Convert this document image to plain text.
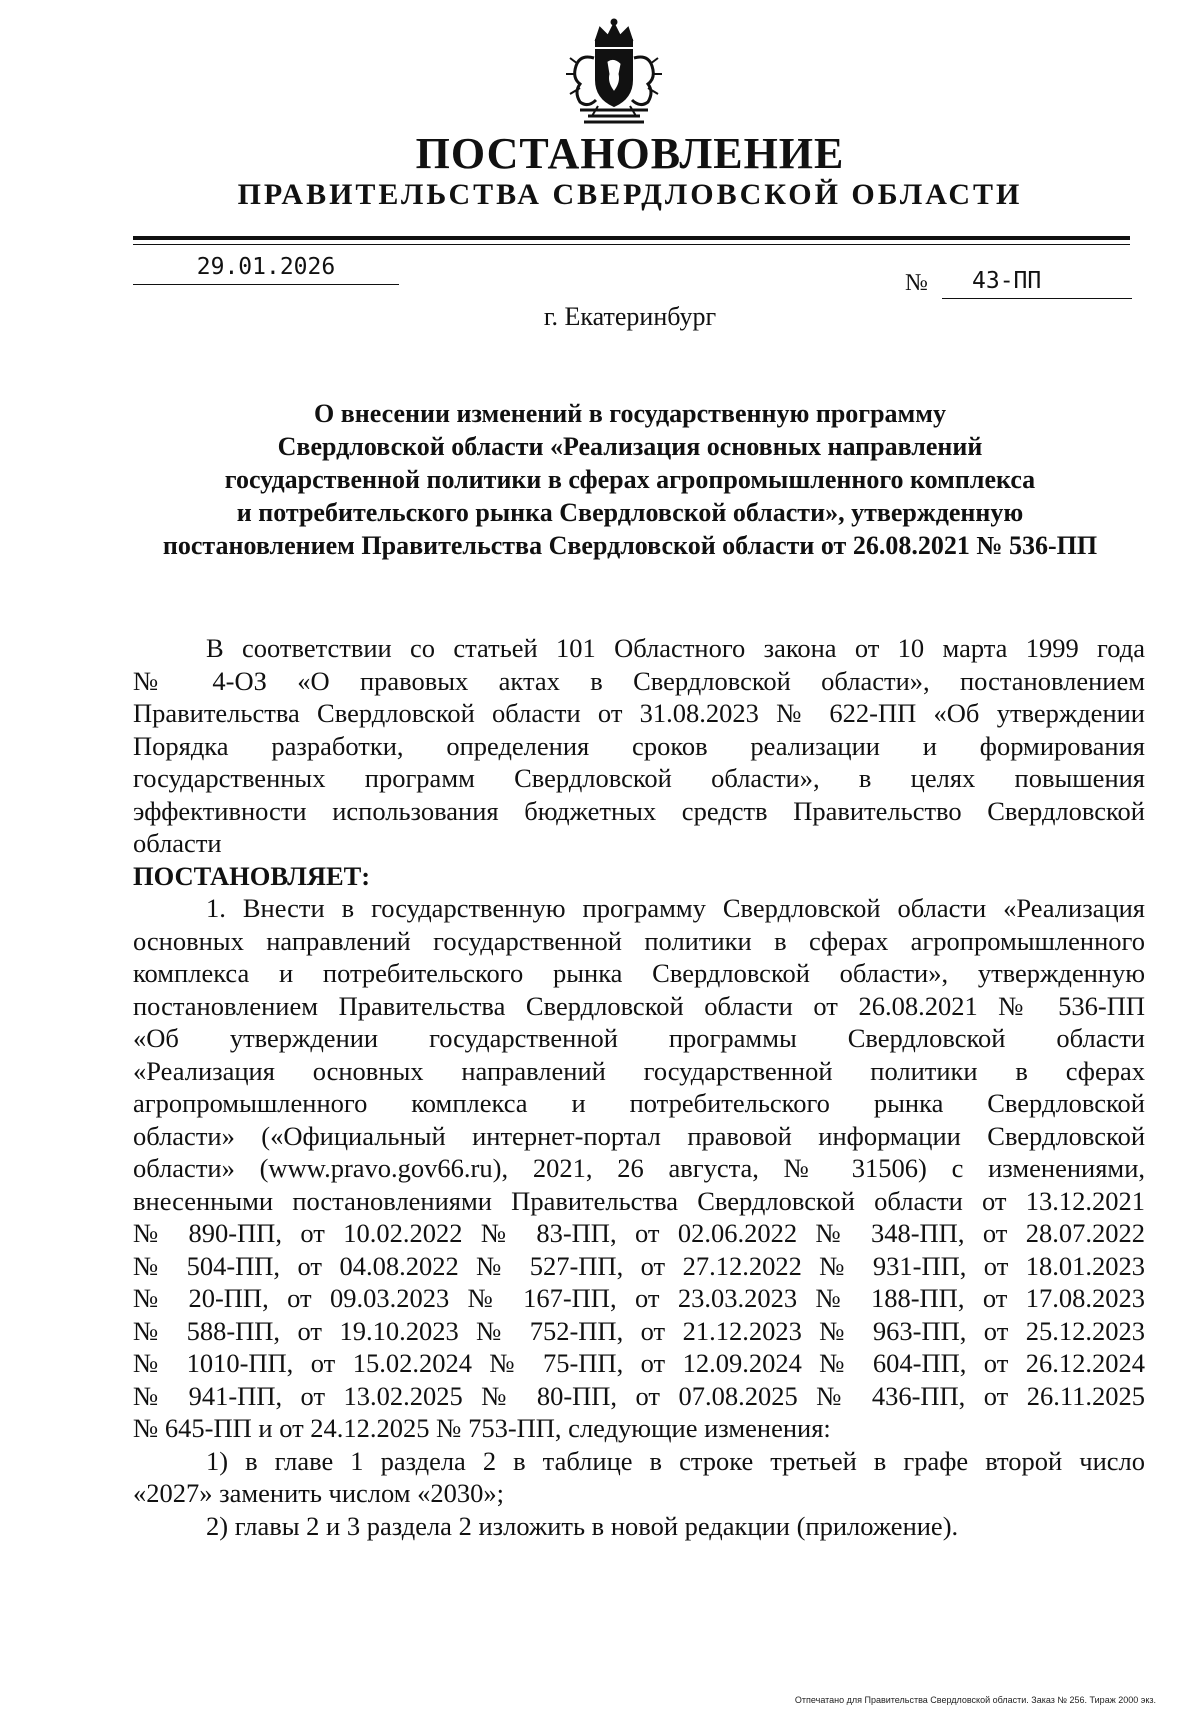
ПОСТАНОВЛЕНИЕ
ПРАВИТЕЛЬСТВА СВЕРДЛОВСКОЙ ОБЛАСТИ
29.01.2026
№	43-ПП
г. Екатеринбург
О внесении изменений в государственную программу
Свердловской области «Реализация основных направлений
государственной политики в сферах агропромышленного комплекса
и потребительского рынка Свердловской области», утвержденную
постановлением Правительства Свердловской области от 26.08.2021 № 536-ПП

В соответствии со статьей 101 Областного закона от 10 марта 1999 года
№ 4-ОЗ «О правовых актах в Свердловской области», постановлением
Правительства Свердловской области от 31.08.2023 № 622-ПП «Об утверждении
Порядка разработки, определения сроков реализации и формирования
государственных программ Свердловской области», в целях повышения
эффективности использования бюджетных средств Правительство Свердловской
области

ПОСТАНОВЛЯЕТ:

1. Внести в государственную программу Свердловской области «Реализация
основных направлений государственной политики в сферах агропромышленного
комплекса и потребительского рынка Свердловской области», утвержденную
постановлением Правительства Свердловской области от 26.08.2021 № 536-ПП
«Об утверждении государственной программы Свердловской области
«Реализация основных направлений государственной политики в сферах
агропромышленного комплекса и потребительского рынка Свердловской
области» («Официальный интернет-портал правовой информации Свердловской
области» (www.pravo.gov66.ru), 2021, 26 августа, № 31506) с изменениями,
внесенными постановлениями Правительства Свердловской области от 13.12.2021
№ 890-ПП, от 10.02.2022 № 83-ПП, от 02.06.2022 № 348-ПП, от 28.07.2022
№ 504-ПП, от 04.08.2022 № 527-ПП, от 27.12.2022 № 931-ПП, от 18.01.2023
№ 20-ПП, от 09.03.2023 № 167-ПП, от 23.03.2023 № 188-ПП, от 17.08.2023
№ 588-ПП, от 19.10.2023 № 752-ПП, от 21.12.2023 № 963-ПП, от 25.12.2023
№ 1010-ПП, от 15.02.2024 № 75-ПП, от 12.09.2024 № 604-ПП, от 26.12.2024
№ 941-ПП, от 13.02.2025 № 80-ПП, от 07.08.2025 № 436-ПП, от 26.11.2025
№ 645-ПП и от 24.12.2025 № 753-ПП, следующие изменения:

1) в главе 1 раздела 2 в таблице в строке третьей в графе второй число
«2027» заменить числом «2030»;

2) главы 2 и 3 раздела 2 изложить в новой редакции (приложение).

Отпечатано для Правительства Свердловской области. Заказ № 256. Тираж 2000 экз.
